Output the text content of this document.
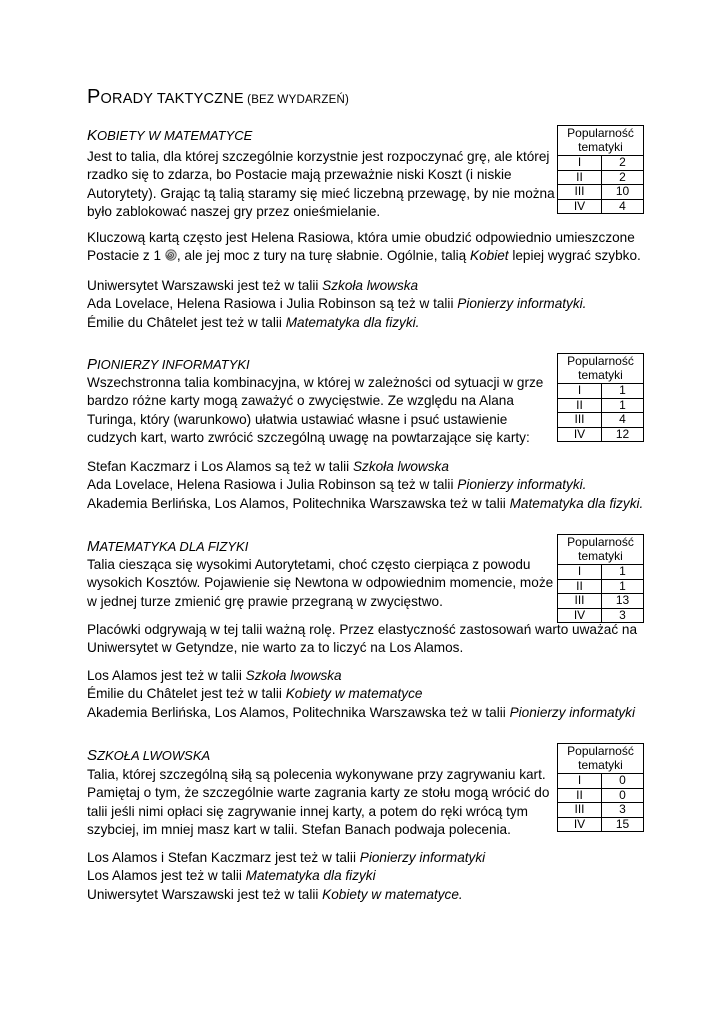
PORADY TAKTYCZNE (BEZ WYDARZEŃ)
KOBIETY W MATEMATYCE	Popularność
tematyki	
I	2
II	2
III	10
IV	4
Jest to talia, dla której szczególnie korzystnie jest rozpoczynać grę, ale której
rzadko się to zdarza, bo Postacie mają przeważnie niski Koszt (i niskie
Autorytety). Grając tą talią staramy się mieć liczebną przewagę, by nie można
było zablokować naszej gry przez onieśmielanie.
Kluczową kartą często jest Helena Rasiowa, która umie obudzić odpowiednio umieszczone
Postacie z 1 , ale jej moc z tury na turę słabnie. Ogólnie, talią Kobiet lepiej wygrać szybko.
Uniwersytet Warszawski jest też w talii Szkoła lwowska
Ada Lovelace, Helena Rasiowa i Julia Robinson są też w talii Pionierzy informatyki.
Émilie du Châtelet jest też w talii Matematyka dla fizyki.
PIONIERZY INFORMATYKI	Popularność
tematyki	
I	1
II	1
III	4
IV	12
Wszechstronna talia kombinacyjna, w której w zależności od sytuacji w grze
bardzo różne karty mogą zaważyć o zwycięstwie. Ze względu na Alana
Turinga, który (warunkowo) ułatwia ustawiać własne i psuć ustawienie
cudzych kart, warto zwrócić szczególną uwagę na powtarzające się karty:
Stefan Kaczmarz i Los Alamos są też w talii Szkoła lwowska
Ada Lovelace, Helena Rasiowa i Julia Robinson są też w talii Pionierzy informatyki.
Akademia Berlińska, Los Alamos, Politechnika Warszawska też w talii Matematyka dla fizyki.
MATEMATYKA DLA FIZYKI	Popularność
tematyki	
I	1
II	1
III	13
IV	3
Talia ciesząca się wysokimi Autorytetami, choć często cierpiąca z powodu
wysokich Kosztów. Pojawienie się Newtona w odpowiednim momencie, może
w jednej turze zmienić grę prawie przegraną w zwycięstwo.
Placówki odgrywają w tej talii ważną rolę. Przez elastyczność zastosowań warto uważać na
Uniwersytet w Getyndze, nie warto za to liczyć na Los Alamos.
Los Alamos jest też w talii Szkoła lwowska
Émilie du Châtelet jest też w talii Kobiety w matematyce
Akademia Berlińska, Los Alamos, Politechnika Warszawska też w talii Pionierzy informatyki
SZKOŁA LWOWSKA	Popularność
tematyki	
I	0
II	0
III	3
IV	15
Talia, której szczególną siłą są polecenia wykonywane przy zagrywaniu kart.
Pamiętaj o tym, że szczególnie warte zagrania karty ze stołu mogą wrócić do
talii jeśli nimi opłaci się zagrywanie innej karty, a potem do ręki wrócą tym
szybciej, im mniej masz kart w talii. Stefan Banach podwaja polecenia.
Los Alamos i Stefan Kaczmarz jest też w talii Pionierzy informatyki
Los Alamos jest też w talii Matematyka dla fizyki
Uniwersytet Warszawski jest też w talii Kobiety w matematyce.
